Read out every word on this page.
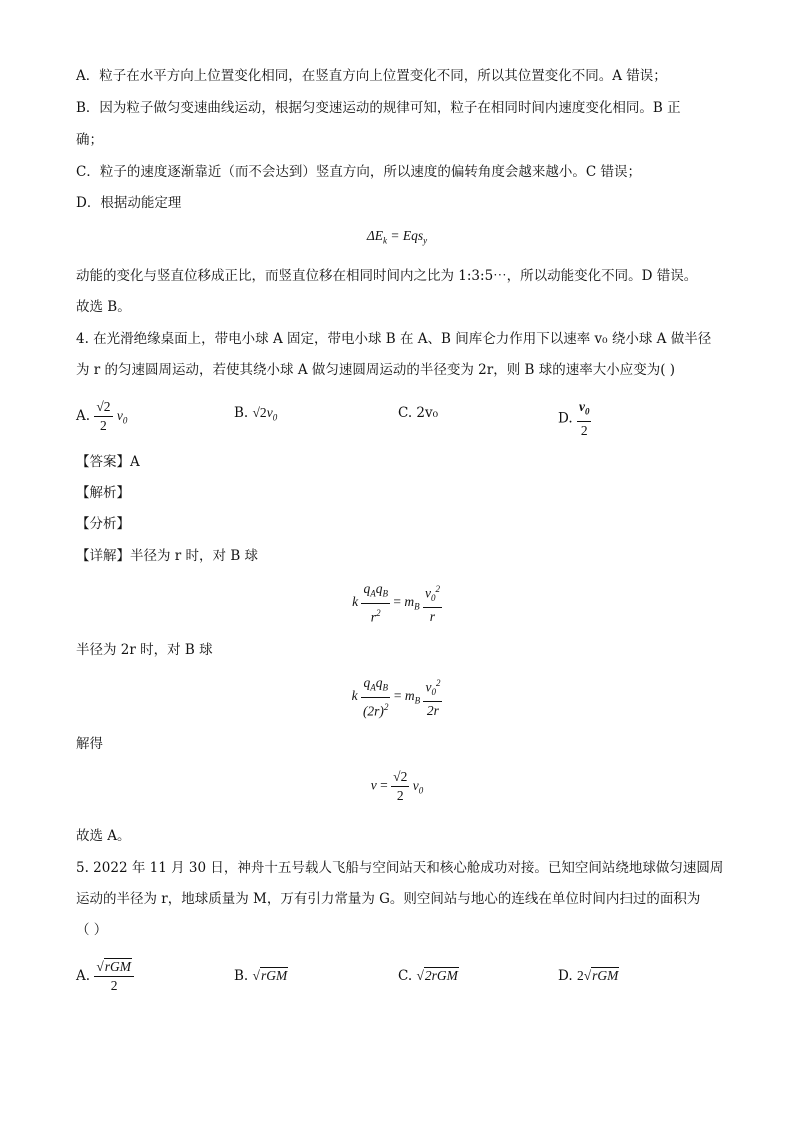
A．粒子在水平方向上位置变化相同，在竖直方向上位置变化不同，所以其位置变化不同。A 错误；
B．因为粒子做匀变速曲线运动，根据匀变速运动的规律可知，粒子在相同时间内速度变化相同。B 正
确；
C．粒子的速度逐渐靠近（而不会达到）竖直方向，所以速度的偏转角度会越来越小。C 错误；
D．根据动能定理
$\Delta E_k = Eqs_y$
动能的变化与竖直位移成正比，而竖直位移在相同时间内之比为 1:3:5⋯，所以动能变化不同。D 错误。
故选 B。
4. 在光滑绝缘桌面上，带电小球 A 固定，带电小球 B 在 A、B 间库仑力作用下以速率 v₀ 绕小球 A 做半径
为 r 的匀速圆周运动，若使其绕小球 A 做匀速圆周运动的半径变为 2r，则 B 球的速率大小应变为( )
A. $\frac{√2}{2} v_0$	B. $√2v_0$	C. 2v₀	D. $\frac{v_0}{2}$
【答案】A
【解析】
【分析】
【详解】半径为 r 时，对 B 球
k $\frac{q_Aq_B}{r^2} = m_B \frac{v_0^2}{r}$
半径为 2r 时，对 B 球
k $\frac{q_Aq_B}{(2r)^2} = m_B \frac{v_0^2}{2r}$
解得
$v = \frac{√2}{2} v_0$
故选 A。
5. 2022 年 11 月 30 日，神舟十五号载人飞船与空间站天和核心舱成功对接。已知空间站绕地球做匀速圆周
运动的半径为 r，地球质量为 M，万有引力常量为 G。则空间站与地心的连线在单位时间内扫过的面积为
（ ）
A. $\frac{\text{√rGM}}{2}$	B. √rGM	C. √2rGM	D. 2√rGM
